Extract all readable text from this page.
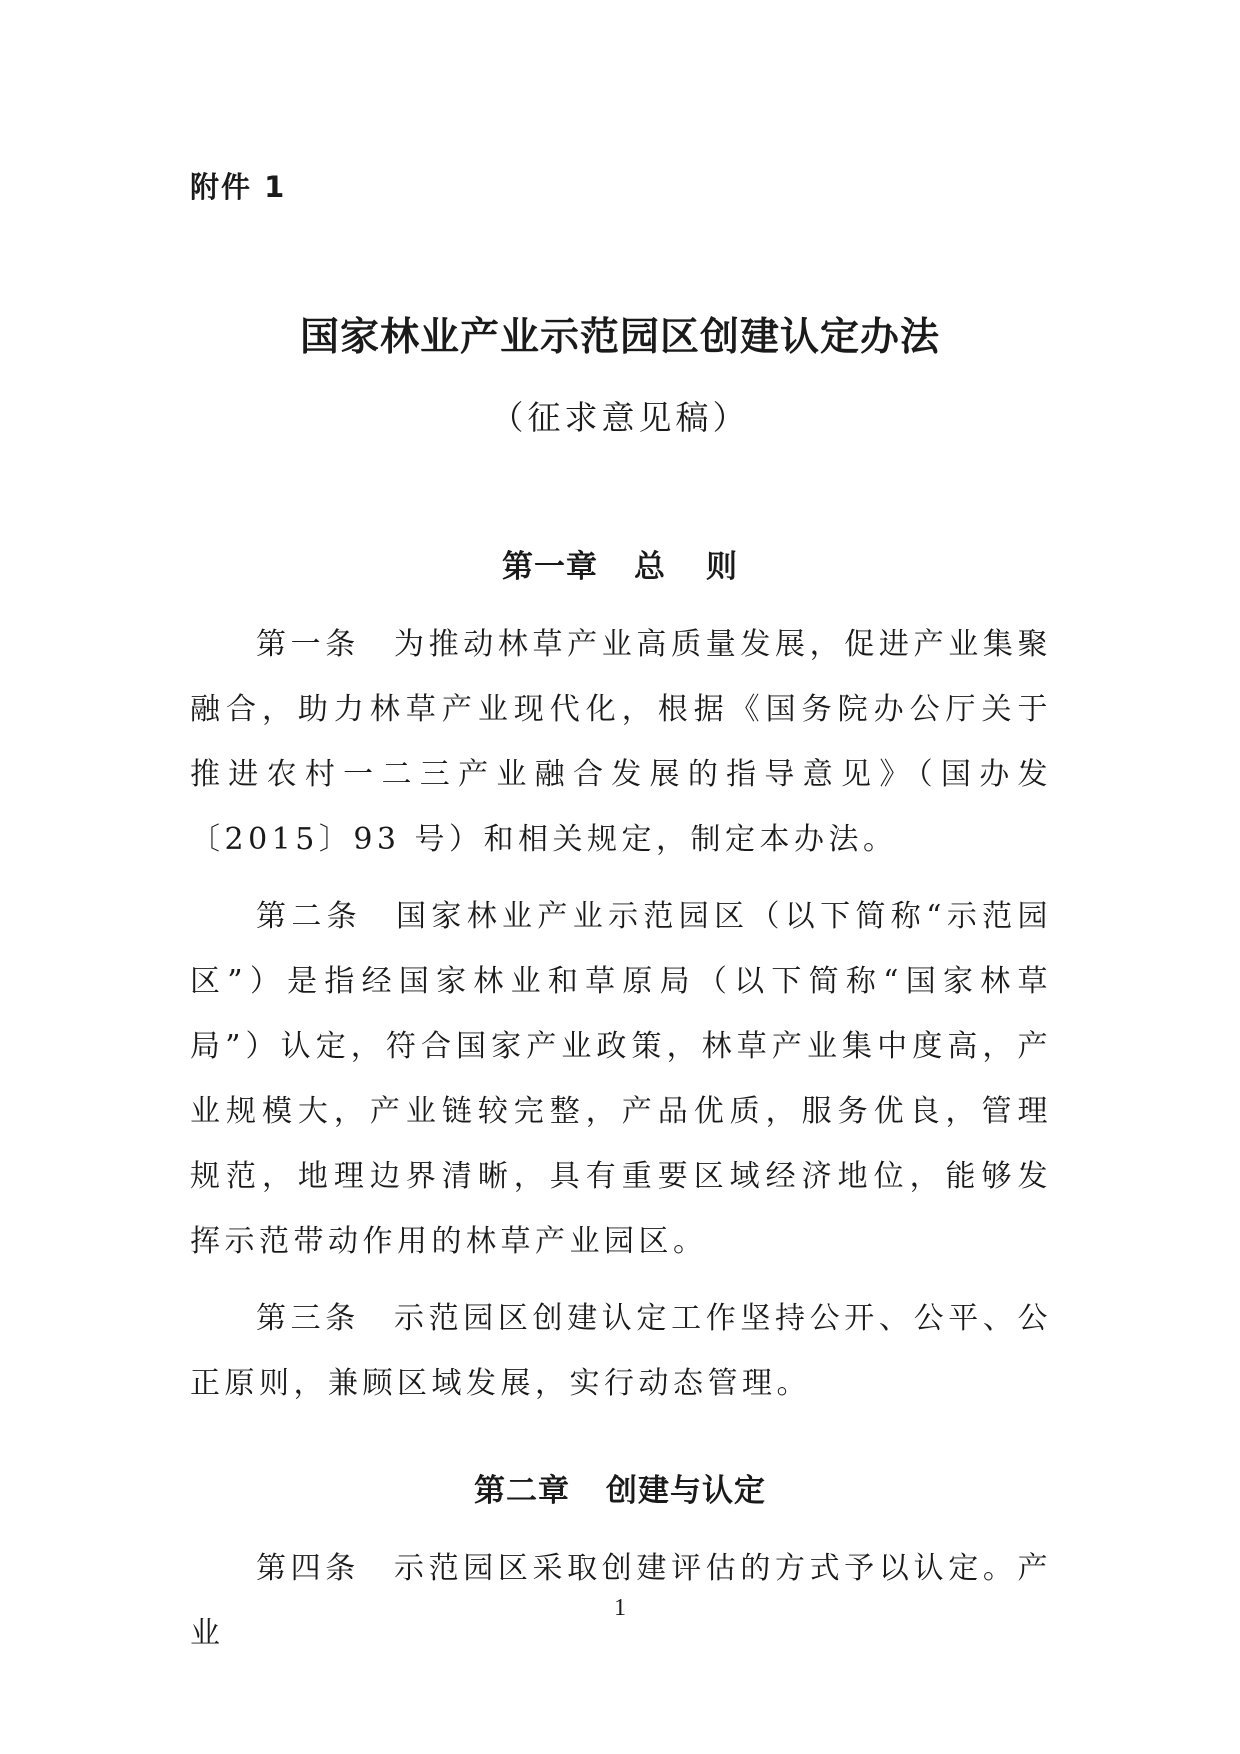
附件 1
国家林业产业示范园区创建认定办法
（征求意见稿）
第一章 总 则
第一条 为推动林草产业高质量发展，促进产业集聚融合，助力林草产业现代化，根据《国务院办公厅关于推进农村一二三产业融合发展的指导意见》（国办发〔2015〕93 号）和相关规定，制定本办法。
第二条 国家林业产业示范园区（以下简称“示范园区”）是指经国家林业和草原局（以下简称“国家林草局”）认定，符合国家产业政策，林草产业集中度高，产业规模大，产业链较完整，产品优质，服务优良，管理规范，地理边界清晰，具有重要区域经济地位，能够发挥示范带动作用的林草产业园区。
第三条 示范园区创建认定工作坚持公开、公平、公正原则，兼顾区域发展，实行动态管理。
第二章 创建与认定
第四条 示范园区采取创建评估的方式予以认定。产业
1
